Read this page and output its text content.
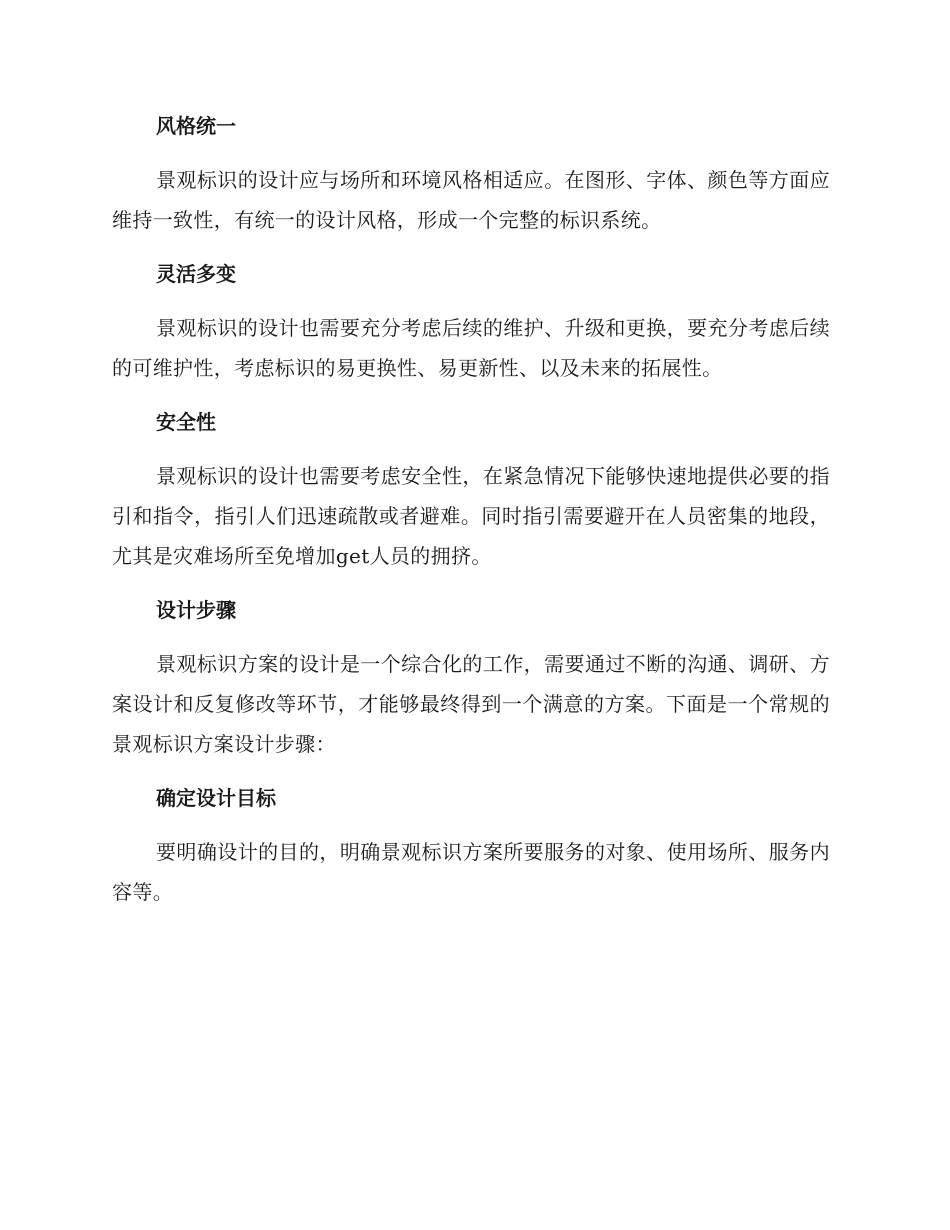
风格统一

景观标识的设计应与场所和环境风格相适应。在图形、字体、颜色等方面应维持一致性，有统一的设计风格，形成一个完整的标识系统。

灵活多变

景观标识的设计也需要充分考虑后续的维护、升级和更换，要充分考虑后续的可维护性，考虑标识的易更换性、易更新性、以及未来的拓展性。

安全性

景观标识的设计也需要考虑安全性，在紧急情况下能够快速地提供必要的指引和指令，指引人们迅速疏散或者避难。同时指引需要避开在人员密集的地段，尤其是灾难场所至免增加get人员的拥挤。

设计步骤

景观标识方案的设计是一个综合化的工作，需要通过不断的沟通、调研、方案设计和反复修改等环节，才能够最终得到一个满意的方案。下面是一个常规的景观标识方案设计步骤：

确定设计目标

要明确设计的目的，明确景观标识方案所要服务的对象、使用场所、服务内容等。
